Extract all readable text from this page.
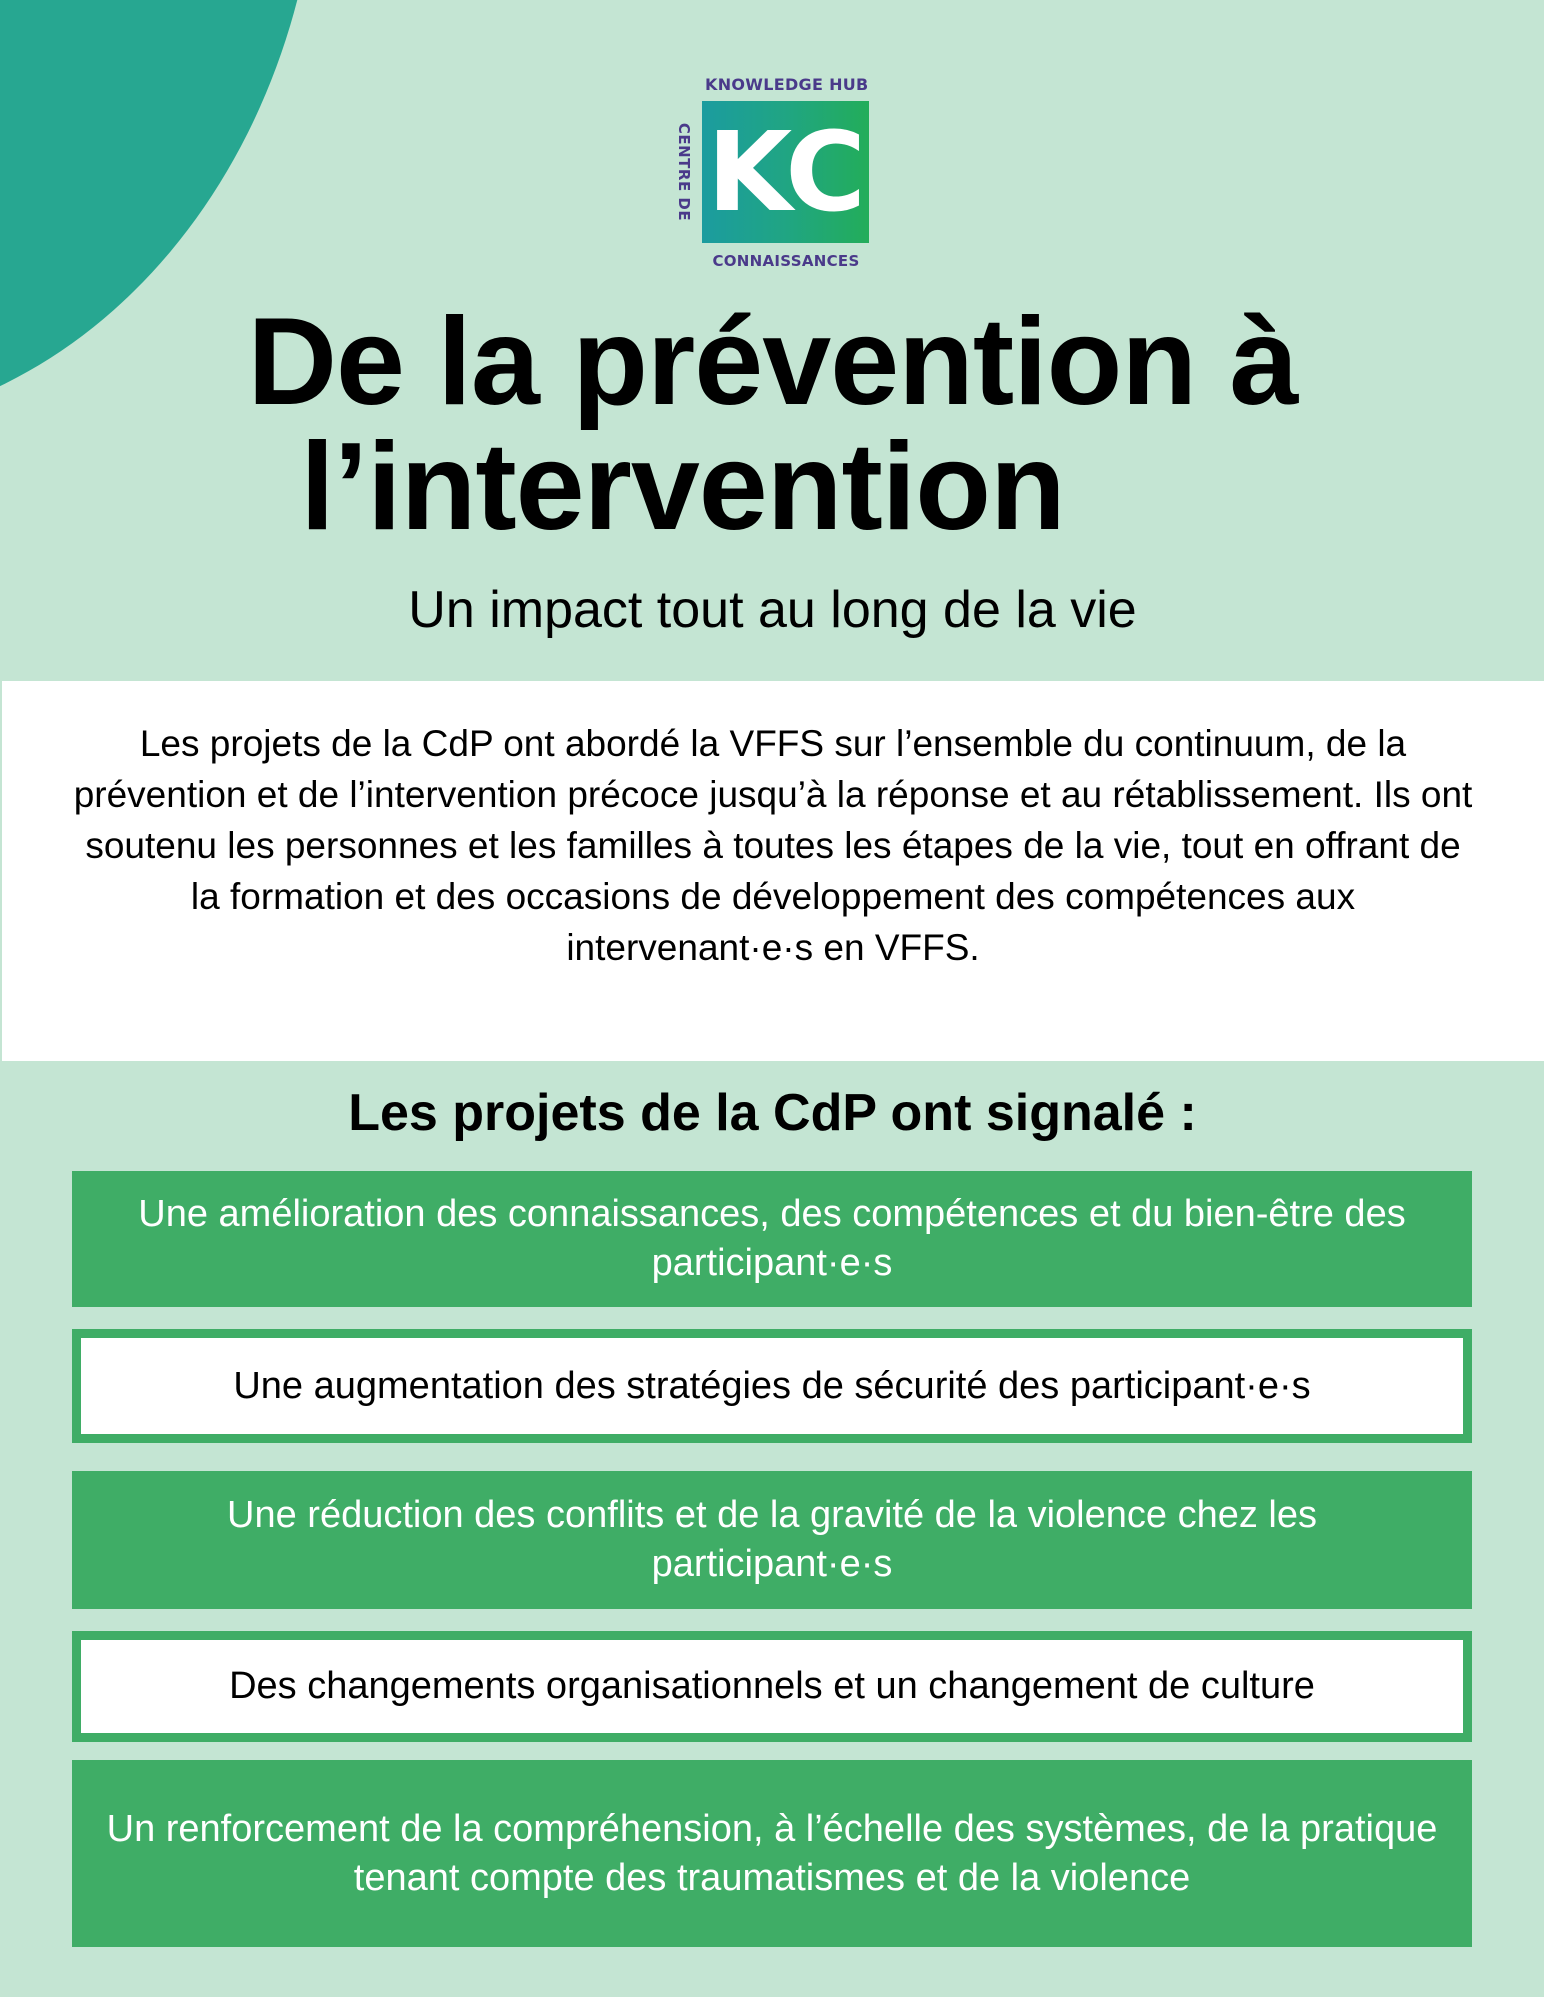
KNOWLEDGE HUB
CENTRE DE KC
CONNAISSANCES
De la prévention à
l’intervention
Un impact tout au long de la vie

Les projets de la CdP ont abordé la VFFS sur l’ensemble du continuum, de la prévention et de l’intervention précoce jusqu’à la réponse et au rétablissement. Ils ont soutenu les personnes et les familles à toutes les étapes de la vie, tout en offrant de la formation et des occasions de développement des compétences aux intervenant·e·s en VFFS.

Les projets de la CdP ont signalé :
Une amélioration des connaissances, des compétences et du bien-être des participant·e·s
Une augmentation des stratégies de sécurité des participant·e·s
Une réduction des conflits et de la gravité de la violence chez les participant·e·s
Des changements organisationnels et un changement de culture
Un renforcement de la compréhension, à l’échelle des systèmes, de la pratique tenant compte des traumatismes et de la violence
